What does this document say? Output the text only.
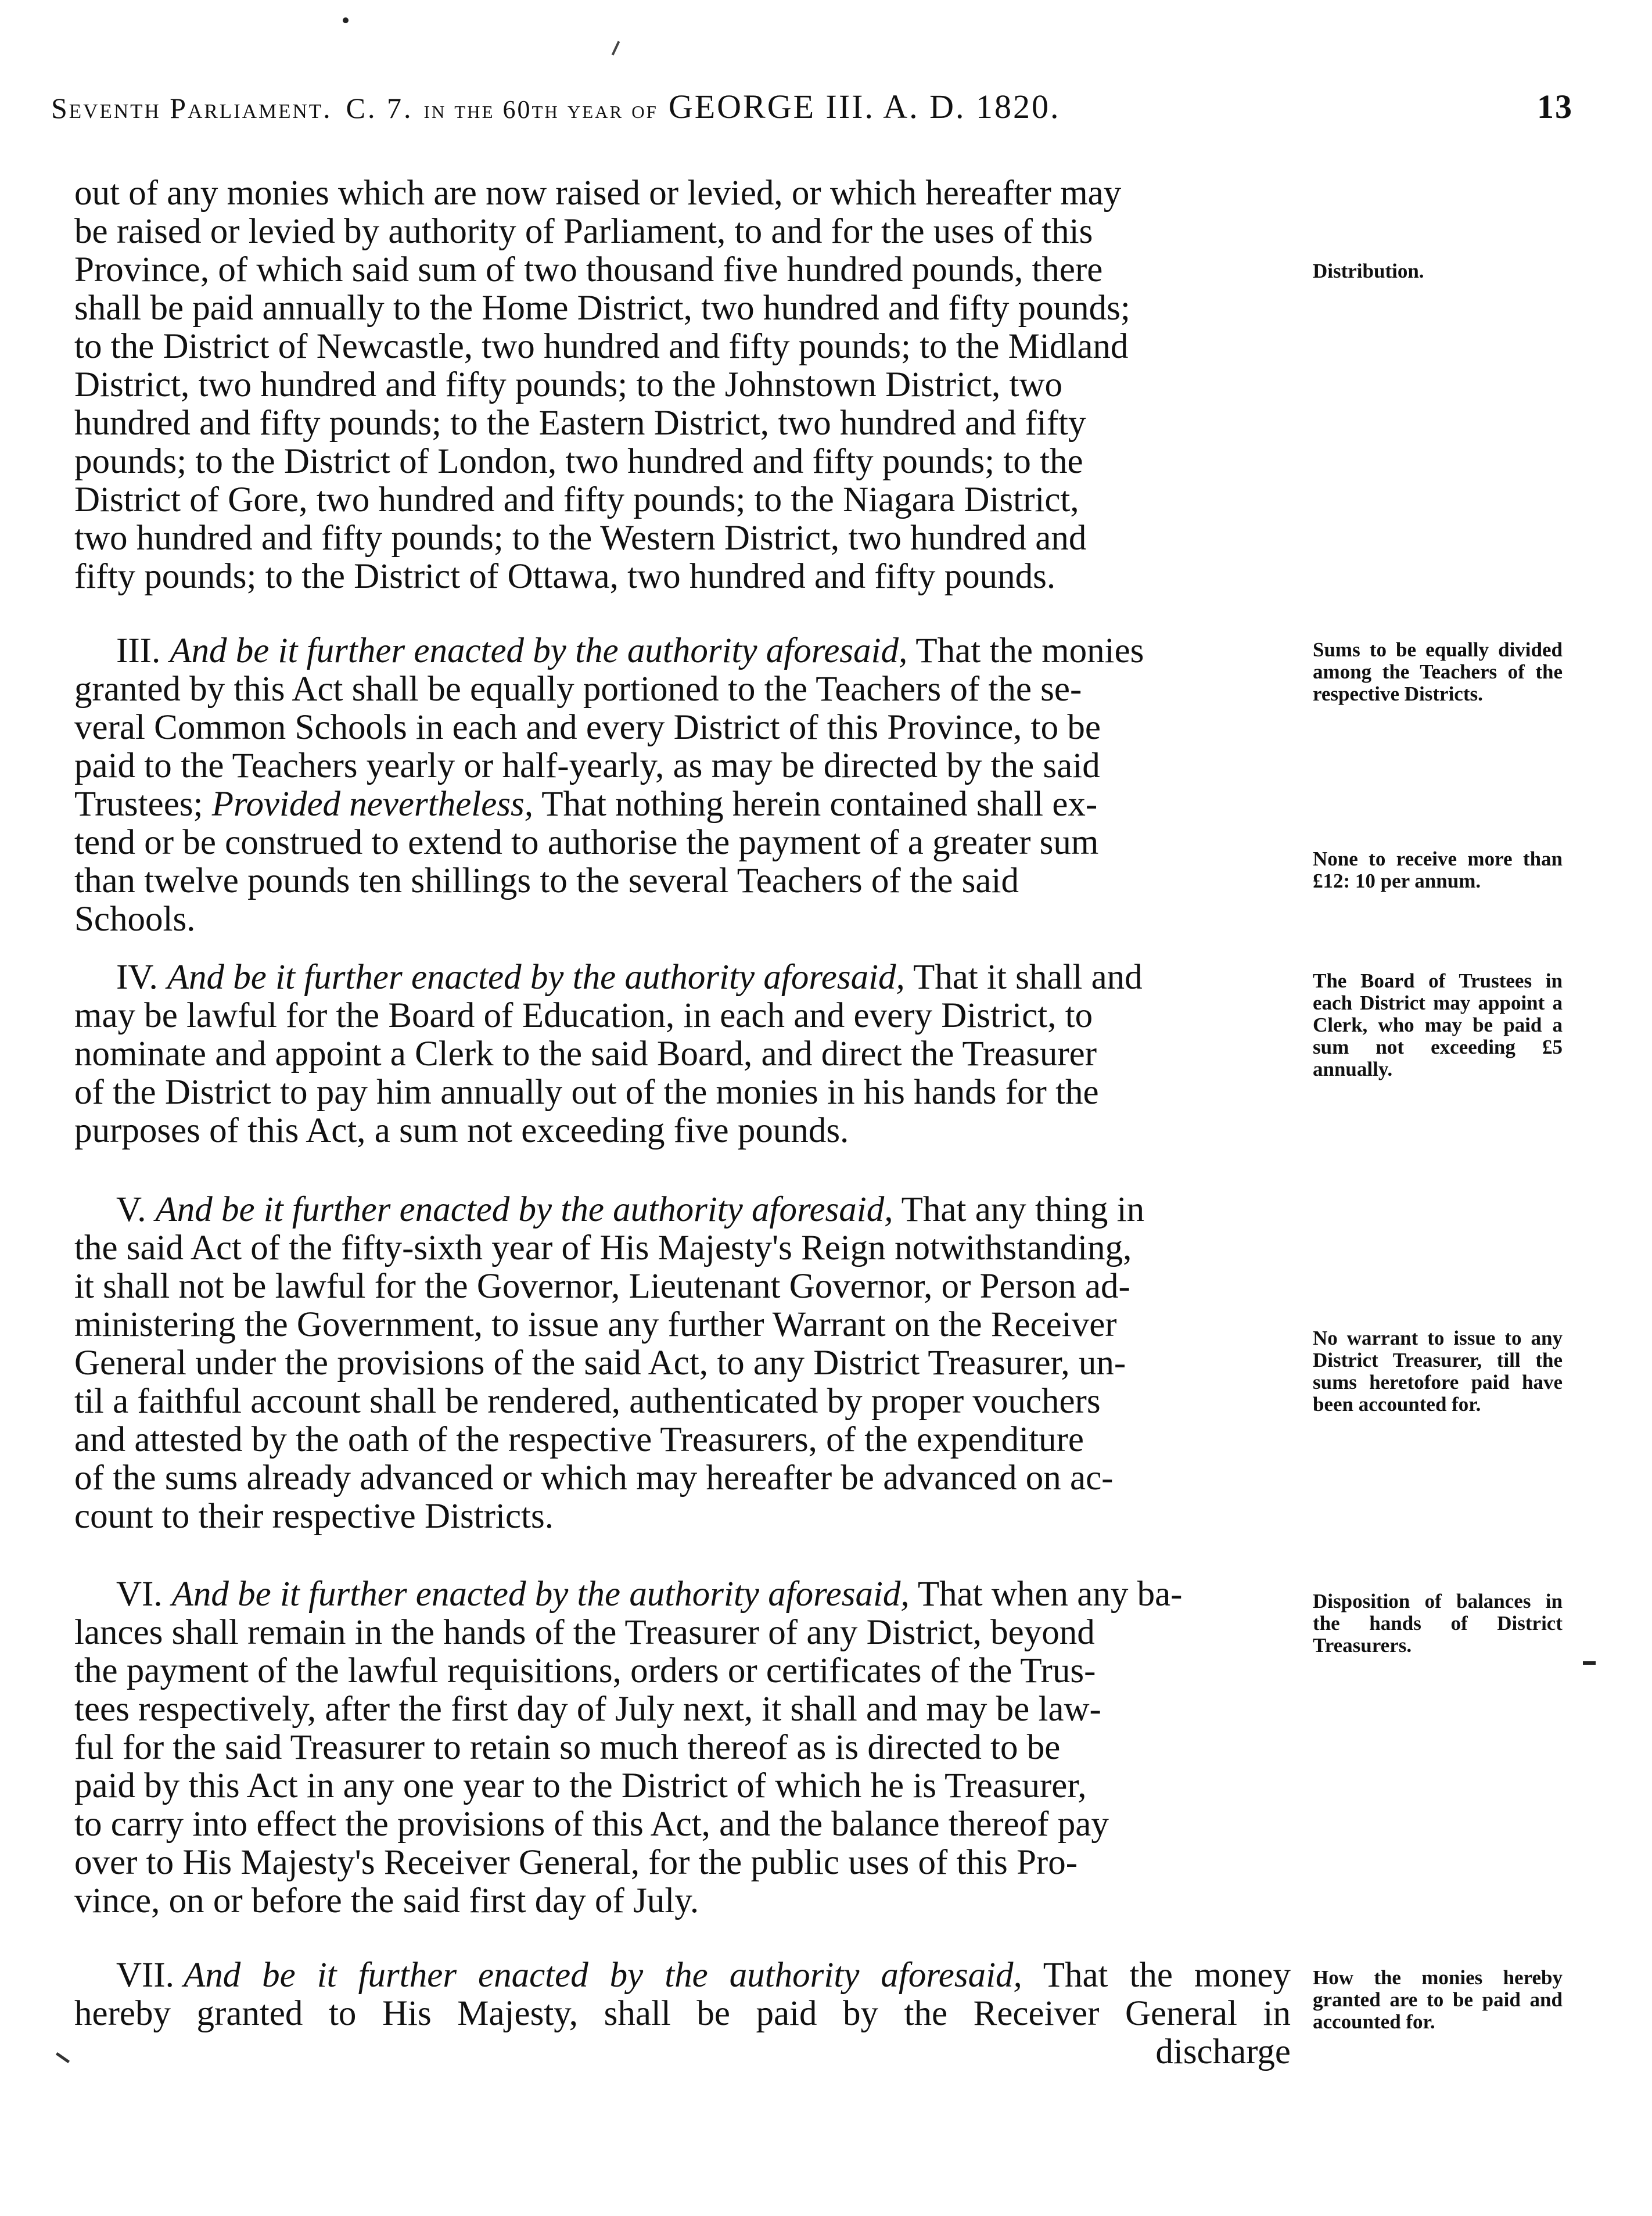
Seventh Parliament. C. 7. in the 60th year of GEORGE III. A. D. 1820.	13
out of any monies which are now raised or levied, or which hereafter may
be raised or levied by authority of Parliament, to and for the uses of this
Province, of which said sum of two thousand five hundred pounds, there
shall be paid annually to the Home District, two hundred and fifty pounds;
to the District of Newcastle, two hundred and fifty pounds; to the Midland
District, two hundred and fifty pounds; to the Johnstown District, two
hundred and fifty pounds; to the Eastern District, two hundred and fifty
pounds; to the District of London, two hundred and fifty pounds; to the
District of Gore, two hundred and fifty pounds; to the Niagara District,
two hundred and fifty pounds; to the Western District, two hundred and
fifty pounds; to the District of Ottawa, two hundred and fifty pounds.
III. And be it further enacted by the authority aforesaid, That the monies
granted by this Act shall be equally portioned to the Teachers of the se-
veral Common Schools in each and every District of this Province, to be
paid to the Teachers yearly or half-yearly, as may be directed by the said
Trustees; Provided nevertheless, That nothing herein contained shall ex-
tend or be construed to extend to authorise the payment of a greater sum
than twelve pounds ten shillings to the several Teachers of the said
Schools.
IV. And be it further enacted by the authority aforesaid, That it shall and
may be lawful for the Board of Education, in each and every District, to
nominate and appoint a Clerk to the said Board, and direct the Treasurer
of the District to pay him annually out of the monies in his hands for the
purposes of this Act, a sum not exceeding five pounds.
V. And be it further enacted by the authority aforesaid, That any thing in
the said Act of the fifty-sixth year of His Majesty's Reign notwithstanding,
it shall not be lawful for the Governor, Lieutenant Governor, or Person ad-
ministering the Government, to issue any further Warrant on the Receiver
General under the provisions of the said Act, to any District Treasurer, un-
til a faithful account shall be rendered, authenticated by proper vouchers
and attested by the oath of the respective Treasurers, of the expenditure
of the sums already advanced or which may hereafter be advanced on ac-
count to their respective Districts.
VI. And be it further enacted by the authority aforesaid, That when any ba-
lances shall remain in the hands of the Treasurer of any District, beyond
the payment of the lawful requisitions, orders or certificates of the Trus-
tees respectively, after the first day of July next, it shall and may be law-
ful for the said Treasurer to retain so much thereof as is directed to be
paid by this Act in any one year to the District of which he is Treasurer,
to carry into effect the provisions of this Act, and the balance thereof pay
over to His Majesty's Receiver General, for the public uses of this Pro-
vince, on or before the said first day of July.
VII. And be it further enacted by the authority aforesaid, That the money
hereby granted to His Majesty, shall be paid by the Receiver General in
discharge
Distribution.
Sums to be equally divided among the Teachers of the respective Districts.
None to receive more than £12: 10 per annum.
The Board of Trustees in each District may appoint a Clerk, who may be paid a sum not exceeding £5 annually.
No warrant to issue to any District Treasurer, till the sums heretofore paid have been accounted for.
Disposition of balances in the hands of District Treasurers.
How the monies hereby granted are to be paid and accounted for.
